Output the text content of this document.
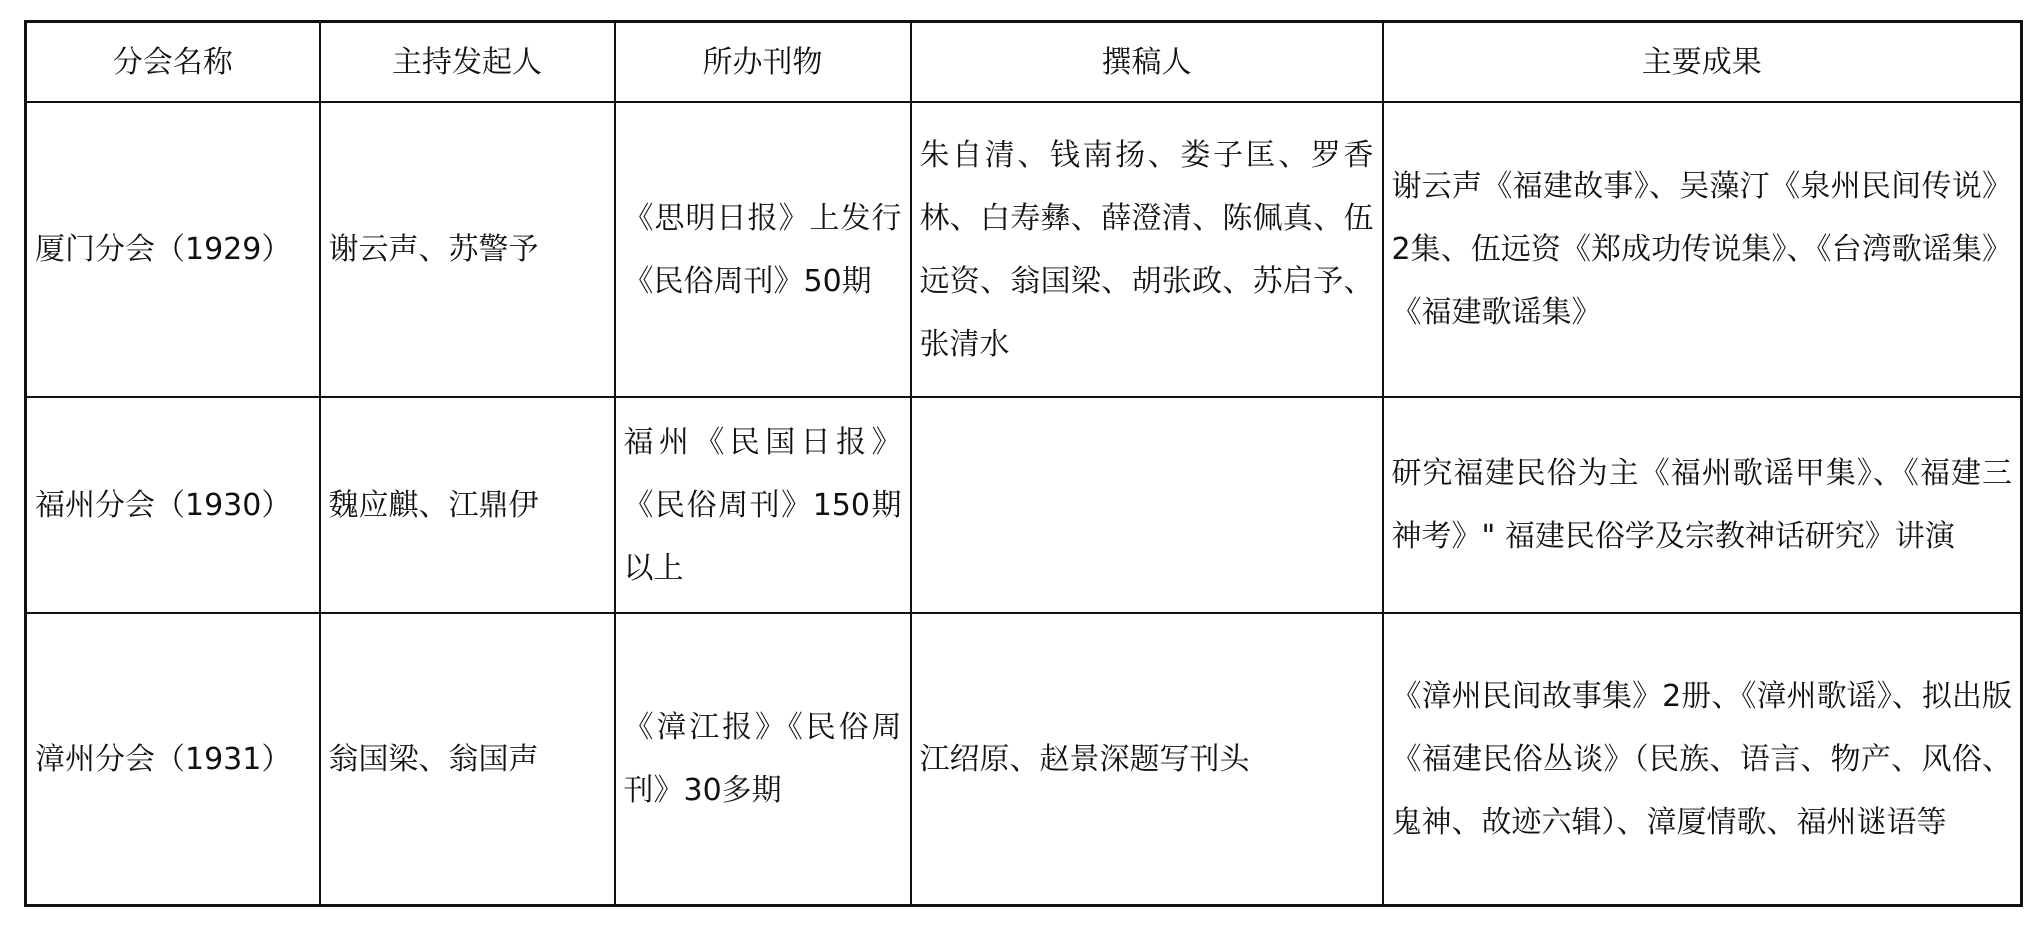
分会名称	主持发起人	所办刊物	撰稿人	主要成果

厦门分会（1929）	谢云声、苏警予	《思明日报》上发行《民俗周刊》50期	朱自清、钱南扬、娄子匡、罗香林、白寿彝、薛澄清、陈佩真、伍远资、翁国梁、胡张政、苏启予、张清水	谢云声《福建故事》、吴藻汀《泉州民间传说》2集、伍远资《郑成功传说集》、《台湾歌谣集》《福建歌谣集》

福州分会（1930）	魏应麒、江鼎伊	福州《民国日报》《民俗周刊》150期以上		研究福建民俗为主《福州歌谣甲集》、《福建三神考》" 福建民俗学及宗教神话研究》讲演

漳州分会（1931）	翁国梁、翁国声	《漳江报》《民俗周刊》30多期	江绍原、赵景深题写刊头	《漳州民间故事集》2册、《漳州歌谣》、拟出版《福建民俗丛谈》（民族、语言、物产、风俗、鬼神、故迹六辑）、漳厦情歌、福州谜语等
